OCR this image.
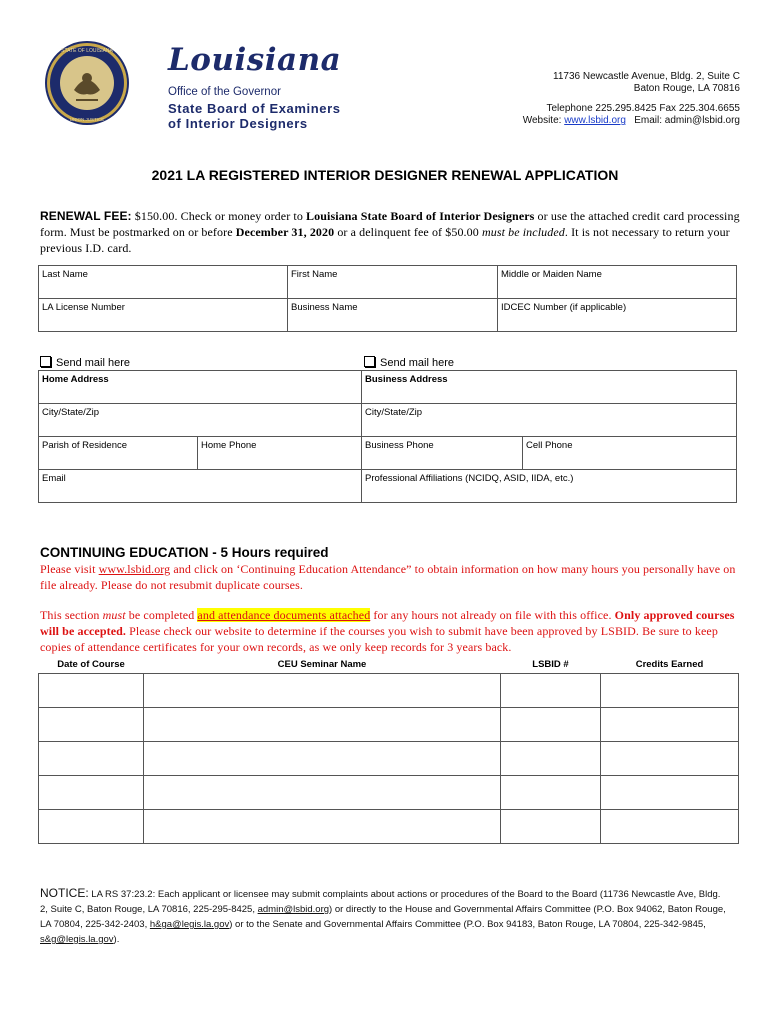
STATE OF LOUISIANA
UNION JUSTICE
Louisiana
Office of the Governor
State Board of Examiners
of Interior Designers
11736 Newcastle Avenue, Bldg. 2, Suite C
Baton Rouge, LA 70816
Telephone 225.295.8425 Fax 225.304.6655
Website: www.lsbid.org Email: admin@lsbid.org
2021 LA REGISTERED INTERIOR DESIGNER RENEWAL APPLICATION
RENEWAL FEE: $150.00. Check or money order to Louisiana State Board of Interior Designers or use the attached credit card processing form. Must be postmarked on or before December 31, 2020 or a delinquent fee of $50.00 must be included. It is not necessary to return your previous I.D. card.
Last Name	First Name	Middle or Maiden Name
LA License Number	Business Name	IDCEC Number (if applicable)
Send mail here	Send mail here
Home Address		Business Address	
City/State/Zip		City/State/Zip	
Parish of Residence	Home Phone	Business Phone	Cell Phone
Email		Professional Affiliations (NCIDQ, ASID, IIDA, etc.)	
CONTINUING EDUCATION - 5 Hours required
Please visit www.lsbid.org and click on ‘Continuing Education Attendance” to obtain information on how many hours you personally have on file already. Please do not resubmit duplicate courses.
This section must be completed and attendance documents attached for any hours not already on file with this office. Only approved courses will be accepted. Please check our website to determine if the courses you wish to submit have been approved by LSBID. Be sure to keep copies of attendance certificates for your own records, as we only keep records for 3 years back.
Date of Course	CEU Seminar Name	LSBID #	Credits Earned

NOTICE: LA RS 37:23.2: Each applicant or licensee may submit complaints about actions or procedures of the Board to the Board (11736 Newcastle Ave, Bldg. 2, Suite C, Baton Rouge, LA 70816, 225-295-8425, admin@lsbid.org) or directly to the House and Governmental Affairs Committee (P.O. Box 94062, Baton Rouge, LA 70804, 225-342-2403, h&ga@legis.la.gov) or to the Senate and Governmental Affairs Committee (P.O. Box 94183, Baton Rouge, LA 70804, 225-342-9845, s&g@legis.la.gov).
